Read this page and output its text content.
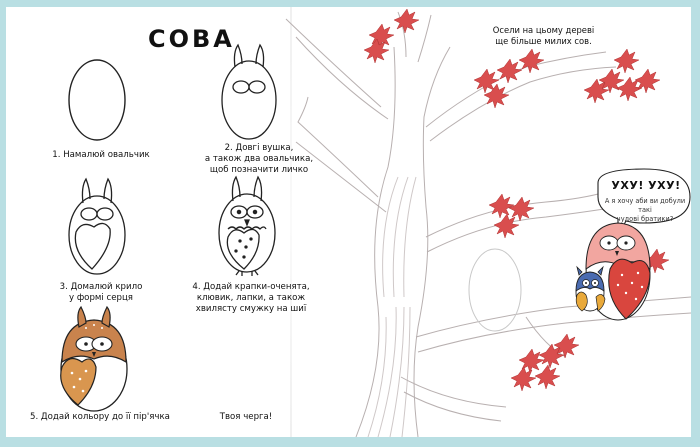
СОВА
1. Намалюй овальчик
2. Довгі вушка,
а також два овальчика,
щоб позначити личко
3. Домалюй крило
у формі серця
4. Додай крапки-оченята,
клювик, лапки, а також
хвилясту смужку на шиї
5. Додай кольору до її пір'ячка	Твоя черга!
Осели на цьому дереві
ще більше милих сов.
УХУ! УХУ!
А я хочу аби ви добули такі
чудові братики?
